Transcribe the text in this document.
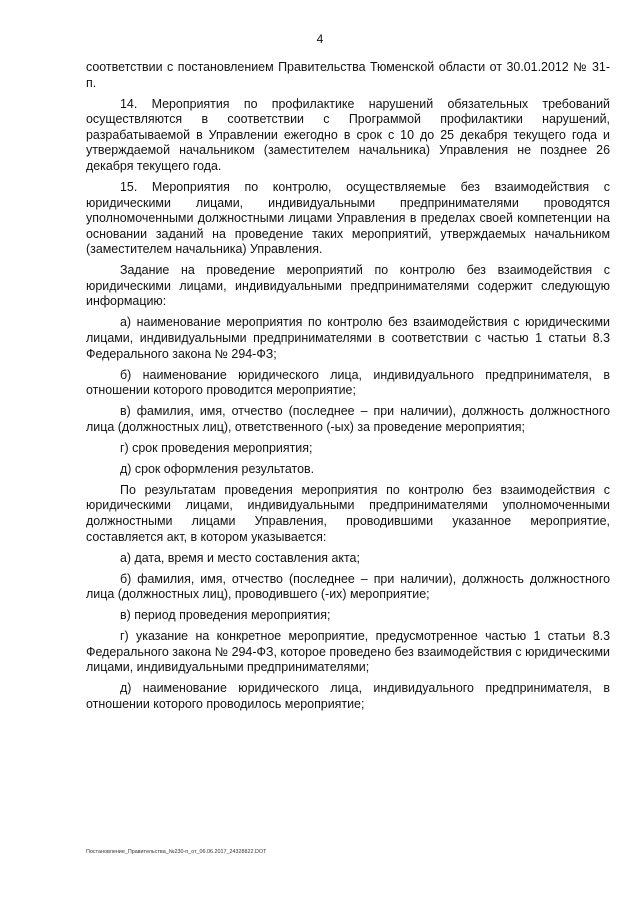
4

соответствии с постановлением Правительства Тюменской области от 30.01.2012 № 31-п.

14. Мероприятия по профилактике нарушений обязательных требований осуществляются в соответствии с Программой профилактики нарушений, разрабатываемой в Управлении ежегодно в срок с 10 до 25 декабря текущего года и утверждаемой начальником (заместителем начальника) Управления не позднее 26 декабря текущего года.

15. Мероприятия по контролю, осуществляемые без взаимодействия с юридическими лицами, индивидуальными предпринимателями проводятся уполномоченными должностными лицами Управления в пределах своей компетенции на основании заданий на проведение таких мероприятий, утверждаемых начальником (заместителем начальника) Управления.

Задание на проведение мероприятий по контролю без взаимодействия с юридическими лицами, индивидуальными предпринимателями содержит следующую информацию:

а) наименование мероприятия по контролю без взаимодействия с юридическими лицами, индивидуальными предпринимателями в соответствии с частью 1 статьи 8.3 Федерального закона № 294-ФЗ;

б) наименование юридического лица, индивидуального предпринимателя, в отношении которого проводится мероприятие;

в) фамилия, имя, отчество (последнее – при наличии), должность должностного лица (должностных лиц), ответственного (-ых) за проведение мероприятия;

г) срок проведения мероприятия;

д) срок оформления результатов.

По результатам проведения мероприятия по контролю без взаимодействия с юридическими лицами, индивидуальными предпринимателями уполномоченными должностными лицами Управления, проводившими указанное мероприятие, составляется акт, в котором указывается:

а) дата, время и место составления акта;

б) фамилия, имя, отчество (последнее – при наличии), должность должностного лица (должностных лиц), проводившего (-их) мероприятие;

в) период проведения мероприятия;

г) указание на конкретное мероприятие, предусмотренное частью 1 статьи 8.3 Федерального закона № 294-ФЗ, которое проведено без взаимодействия с юридическими лицами, индивидуальными предпринимателями;

д) наименование юридического лица, индивидуального предпринимателя, в отношении которого проводилось мероприятие;

Постановление_Правительства_№230-п_от_06.06.2017_24328822.DOT
